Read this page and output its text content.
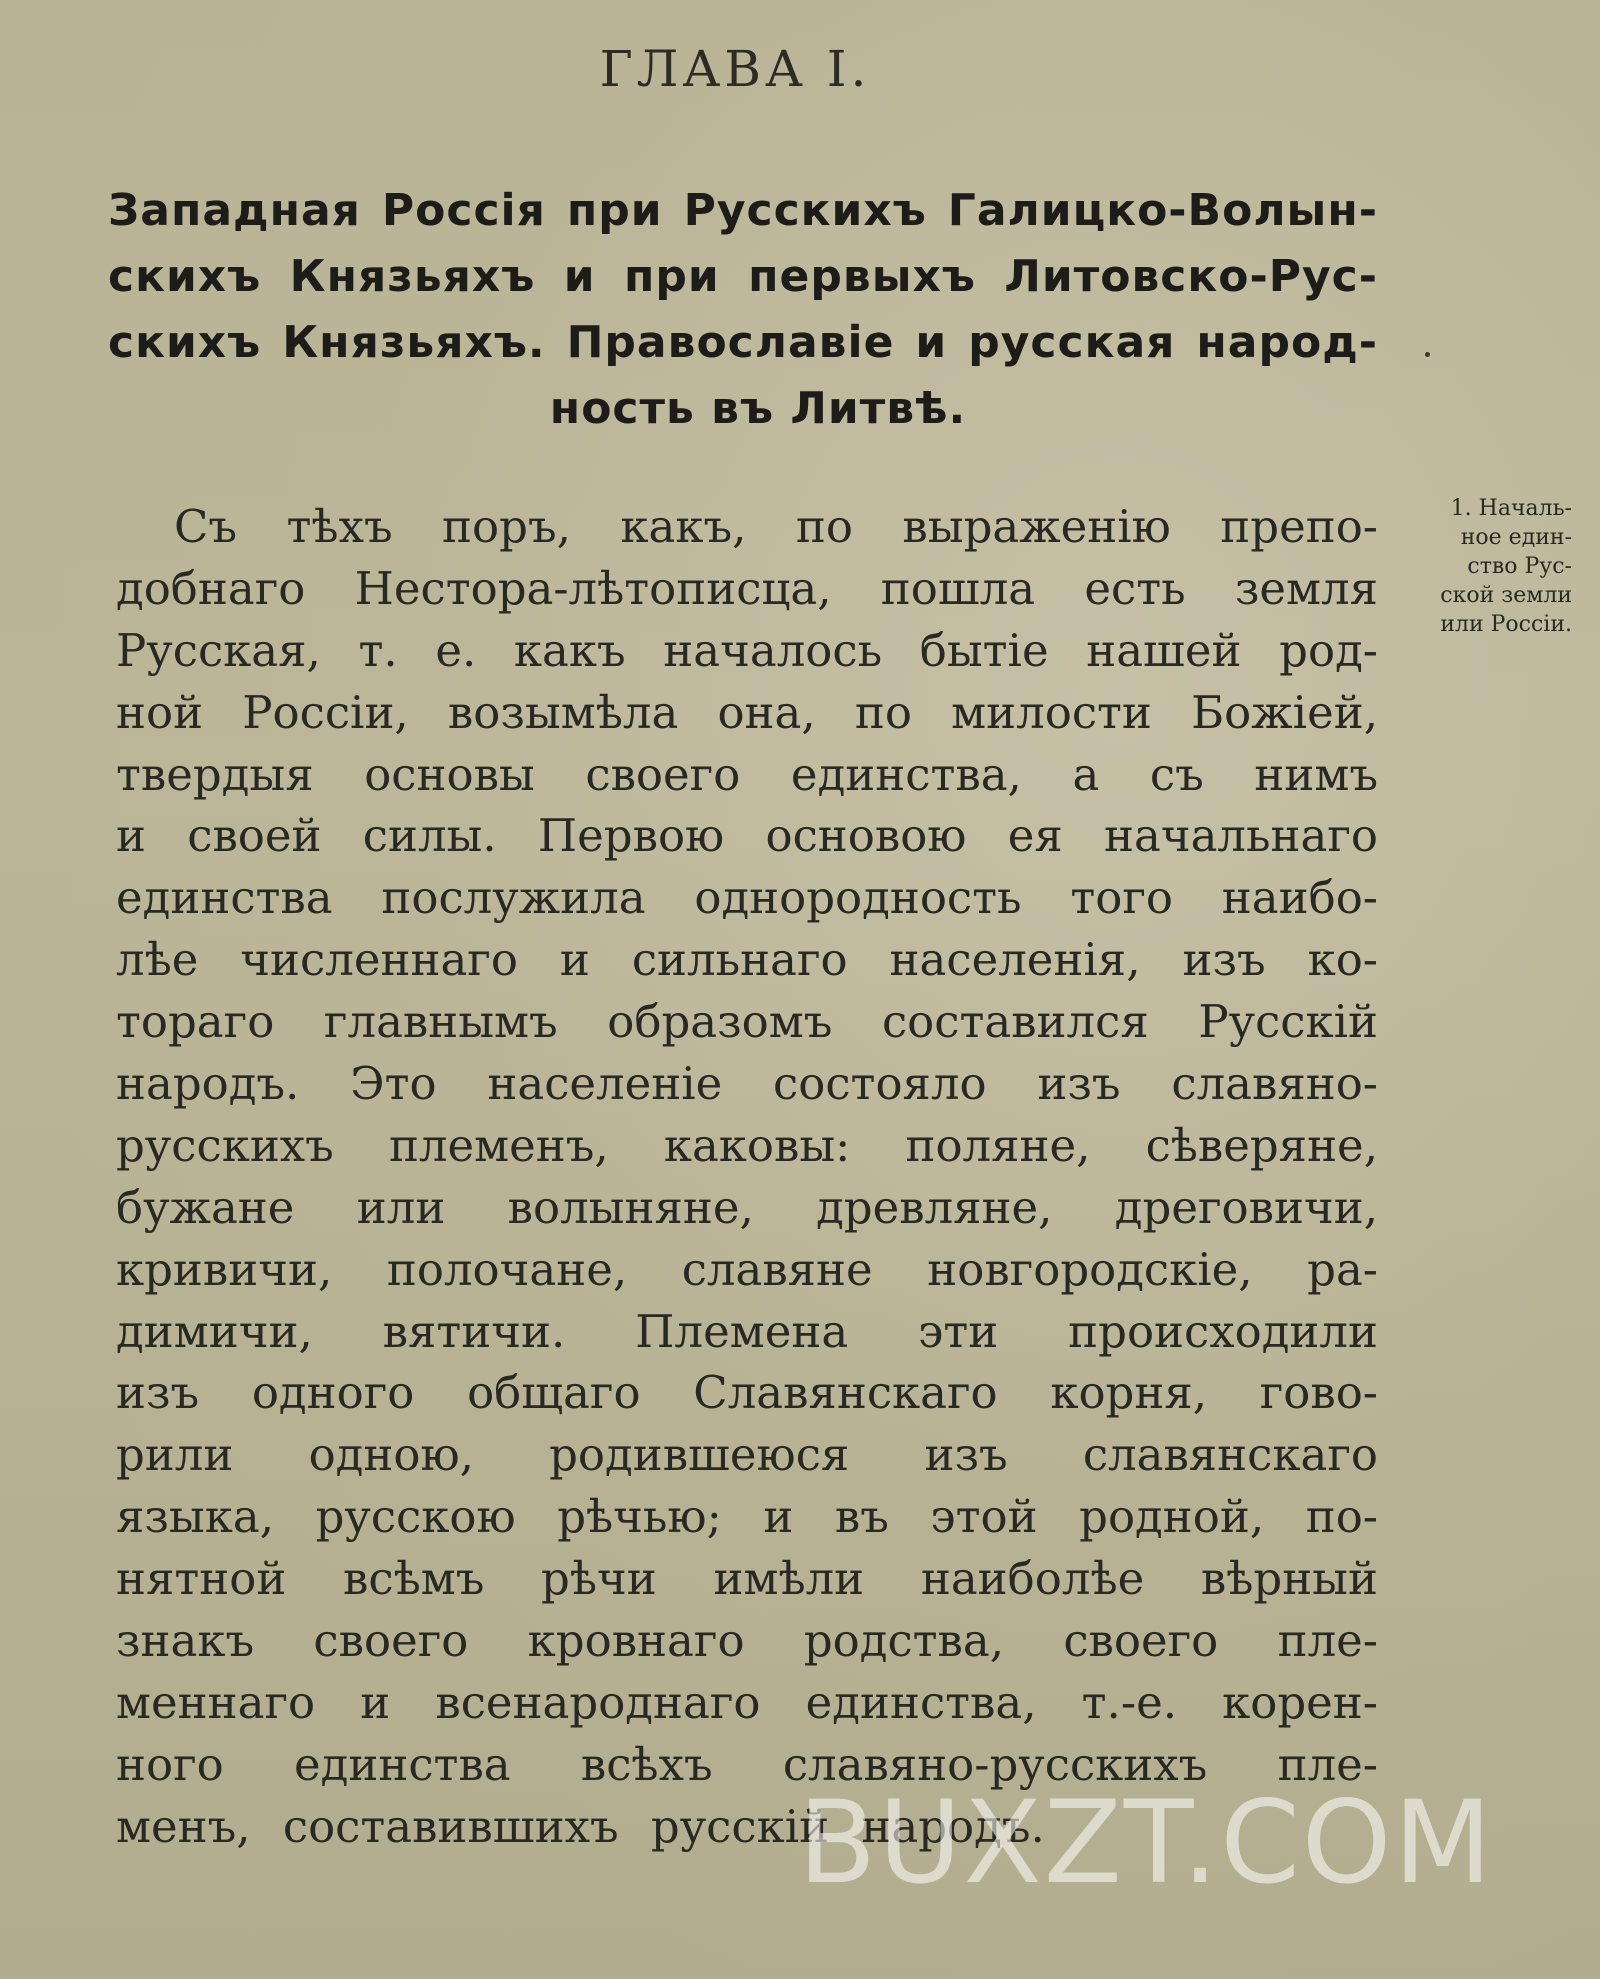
ГЛАВА I.
Западная Россія при Русскихъ Галицко-Волын-
скихъ Князьяхъ и при первыхъ Литовско-Рус-
скихъ Князьяхъ. Православіе и русская народ-
ность въ Литвѣ.
1. Началь-
ное един-
ство Рус-
ской земли
или Россіи.
Съ тѣхъ поръ, какъ, по выраженію препо-
добнаго Нестора-лѣтописца, пошла есть земля
Русская, т. е. какъ началось бытіе нашей род-
ной Россіи, возымѣла она, по милости Божіей,
твердыя основы своего единства, а съ нимъ
и своей силы. Первою основою ея начальнаго
единства послужила однородность того наибо-
лѣе численнаго и сильнаго населенія, изъ ко-
тораго главнымъ образомъ составился Русскій
народъ. Это населеніе состояло изъ славяно-
русскихъ племенъ, каковы: поляне, сѣверяне,
бужане или волыняне, древляне, дреговичи,
кривичи, полочане, славяне новгородскіе, ра-
димичи, вятичи. Племена эти происходили
изъ одного общаго Славянскаго корня, гово-
рили одною, родившеюся изъ славянскаго
языка, русскою рѣчью; и въ этой родной, по-
нятной всѣмъ рѣчи имѣли наиболѣе вѣрный
знакъ своего кровнаго родства, своего пле-
меннаго и всенароднаго единства, т.-е. корен-
ного единства всѣхъ славяно-русскихъ пле-
менъ, составившихъ русскій народъ.
BUXZT.COM
